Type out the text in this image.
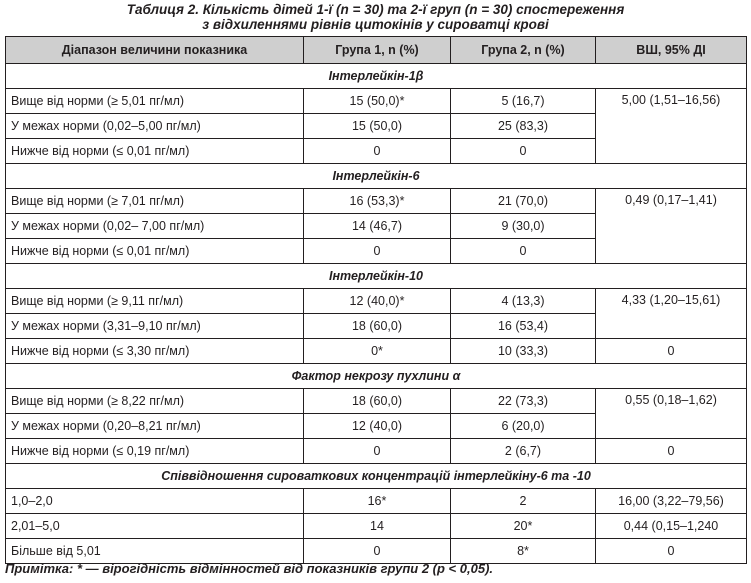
Таблиця 2. Кількість дітей 1-ї (n = 30) та 2-ї груп (n = 30) спостереження
з відхиленнями рівнів цитокінів у сироватці крові
Діапазон величини показника	Група 1, n (%)	Група 2, n (%)	ВШ, 95% ДІ
Інтерлейкін-1β			
Вище від норми (≥ 5,01 пг/мл)	15 (50,0)*	5 (16,7)	5,00 (1,51–16,56)
У межах норми (0,02–5,00 пг/мл)	15 (50,0)	25 (83,3)	
Нижче від норми (≤ 0,01 пг/мл)	0	0	
Інтерлейкін-6			
Вище від норми (≥ 7,01 пг/мл)	16 (53,3)*	21 (70,0)	0,49 (0,17–1,41)
У межах норми (0,02– 7,00 пг/мл)	14 (46,7)	9 (30,0)	
Нижче від норми (≤ 0,01 пг/мл)	0	0	
Інтерлейкін-10			
Вище від норми (≥ 9,11 пг/мл)	12 (40,0)*	4 (13,3)	4,33 (1,20–15,61)
У межах норми (3,31–9,10 пг/мл)	18 (60,0)	16 (53,4)	
Нижче від норми (≤ 3,30 пг/мл)	0*	10 (33,3)	0
Фактор некрозу пухлини α			
Вище від норми (≥ 8,22 пг/мл)	18 (60,0)	22 (73,3)	0,55 (0,18–1,62)
У межах норми (0,20–8,21 пг/мл)	12 (40,0)	6 (20,0)	
Нижче від норми (≤ 0,19 пг/мл)	0	2 (6,7)	0
Співвідношення сироваткових концентрацій інтерлейкіну-6 та -10			
1,0–2,0	16*	2	16,00 (3,22–79,56)
2,01–5,0	14	20*	0,44 (0,15–1,240
Більше від 5,01	0	8*	0
Примітка: * — вірогідність відмінностей від показників групи 2 (р < 0,05).
